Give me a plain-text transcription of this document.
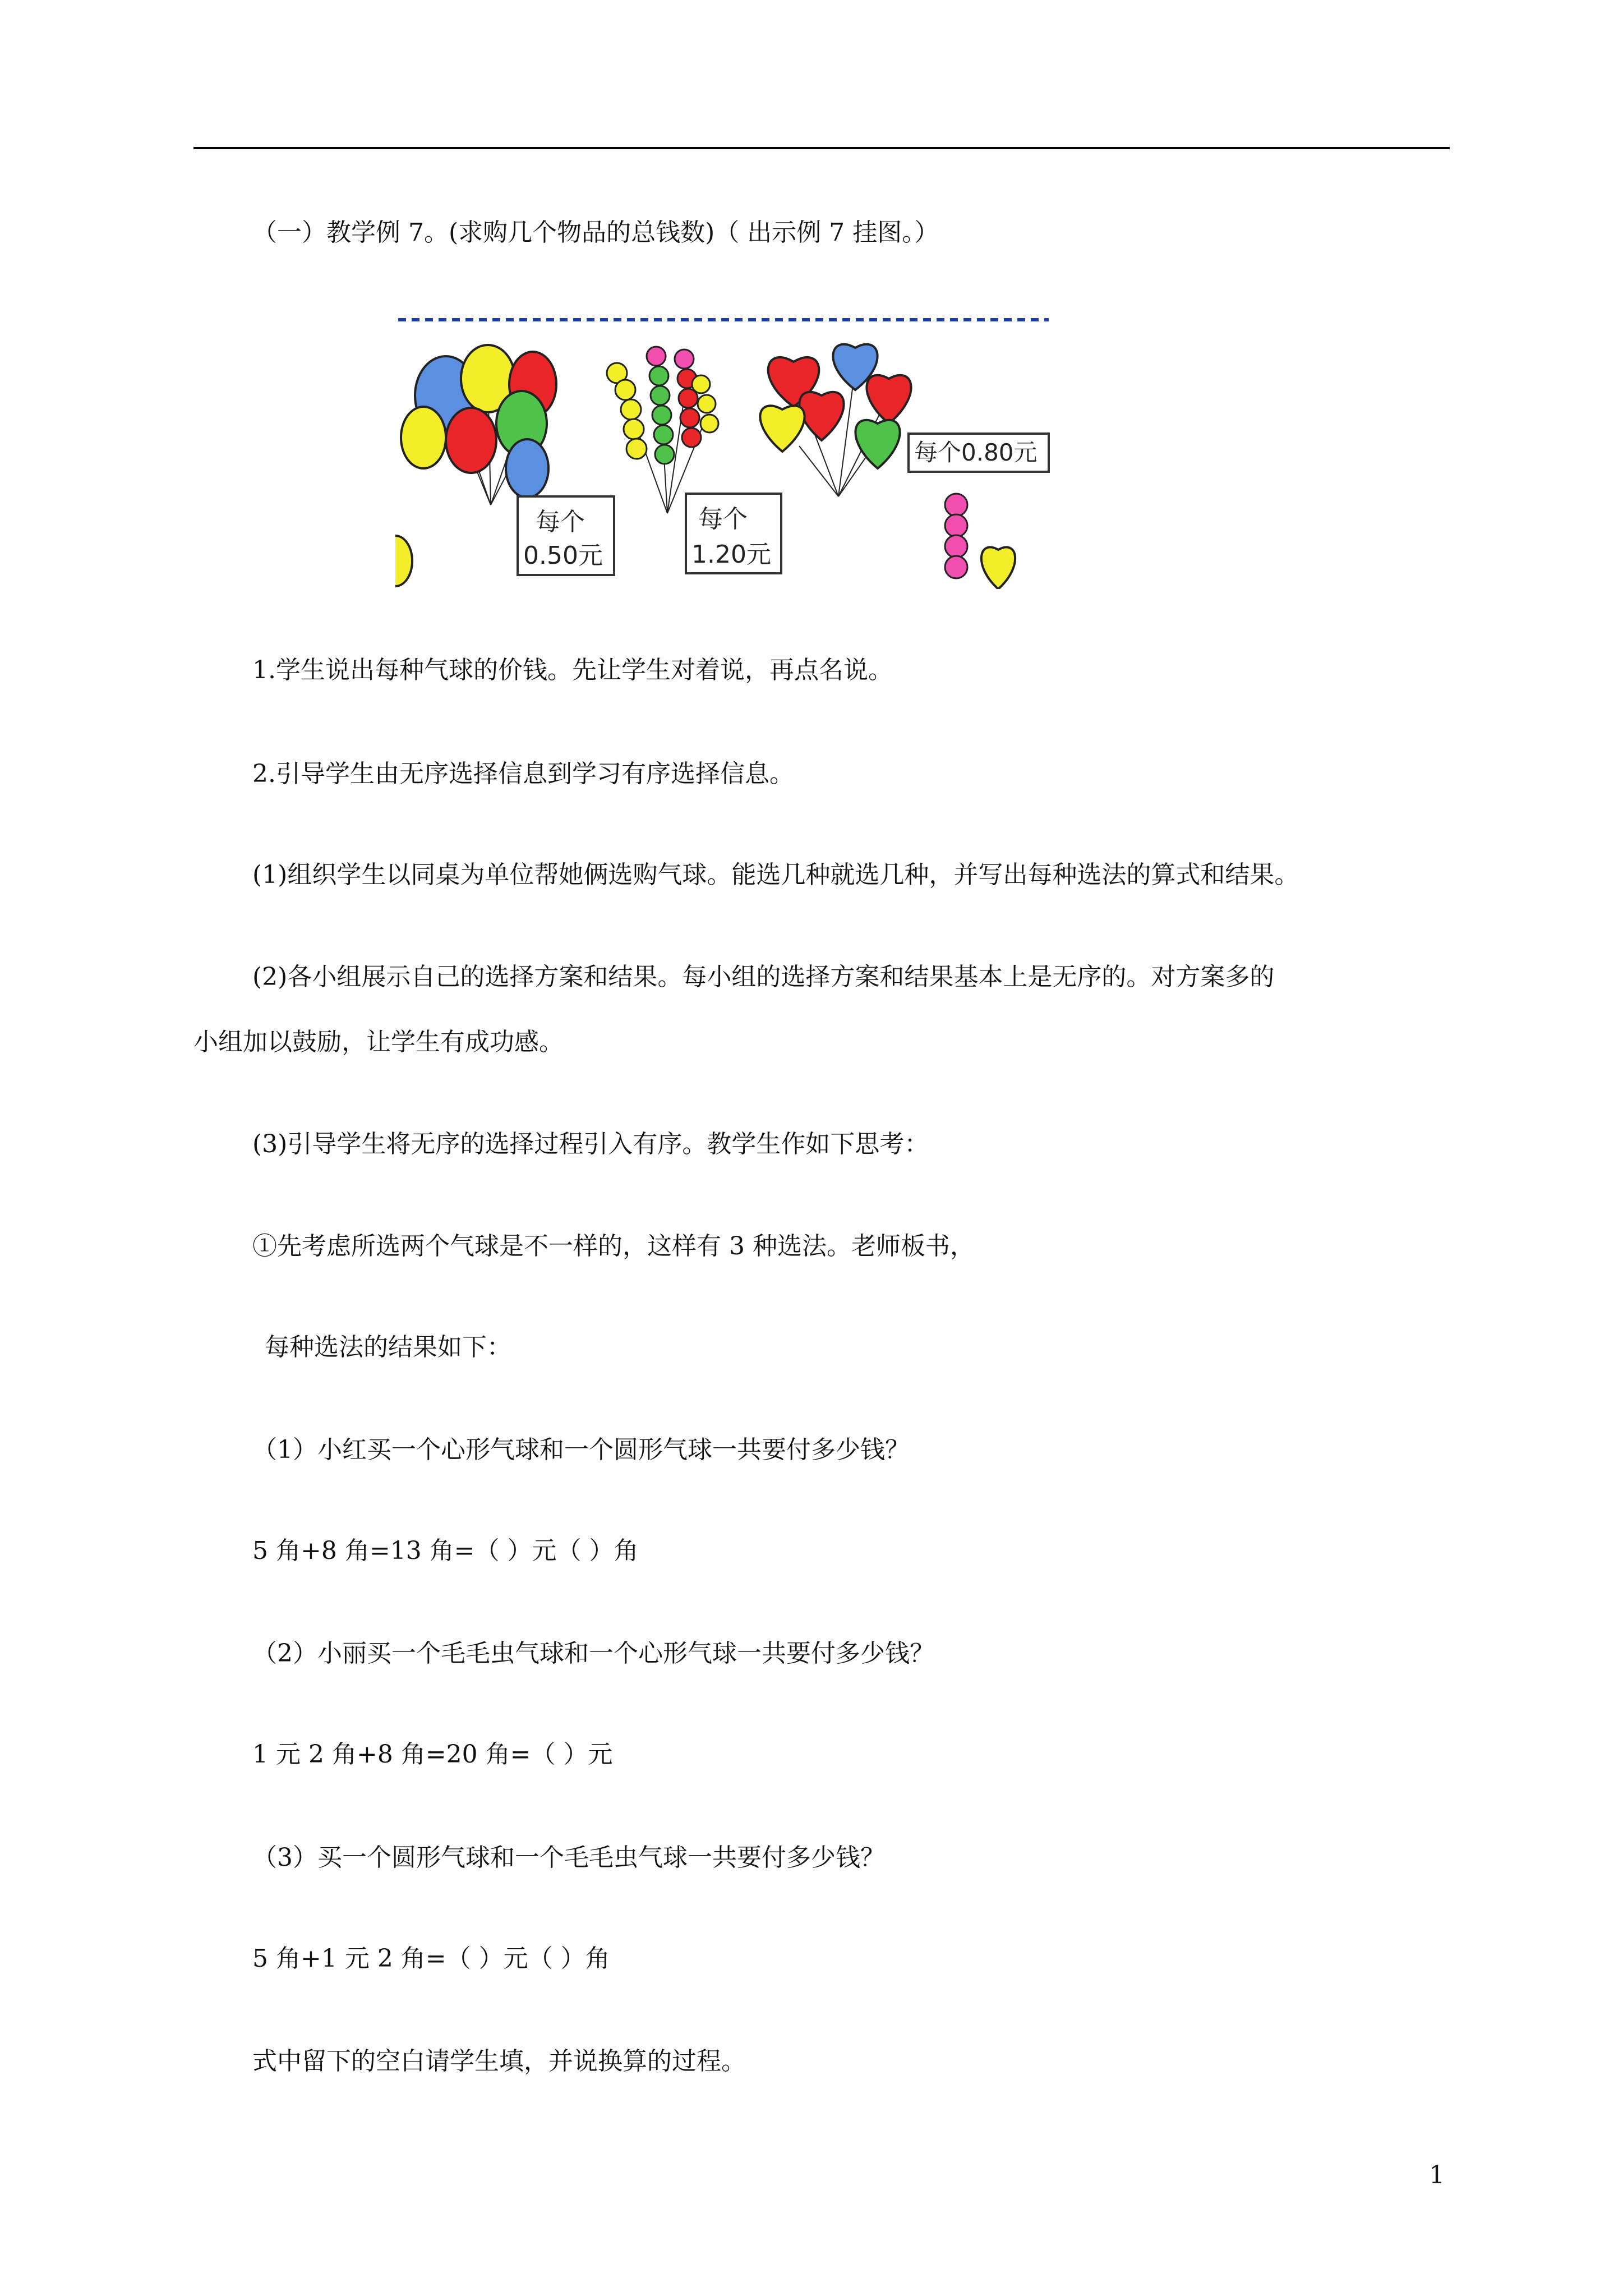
（一）教学例 7。(求购几个物品的总钱数)（ 出示例 7 挂图。）
每个
0.50元
每个
1.20元
每个0.80元
1.学生说出每种气球的价钱。先让学生对着说，再点名说。
2.引导学生由无序选择信息到学习有序选择信息。
(1)组织学生以同桌为单位帮她俩选购气球。能选几种就选几种，并写出每种选法的算式和结果。
(2)各小组展示自己的选择方案和结果。每小组的选择方案和结果基本上是无序的。对方案多的
小组加以鼓励，让学生有成功感。
(3)引导学生将无序的选择过程引入有序。教学生作如下思考：
①先考虑所选两个气球是不一样的，这样有 3 种选法。老师板书，
每种选法的结果如下：
（1）小红买一个心形气球和一个圆形气球一共要付多少钱？
5 角+8 角=13 角=（ ）元（ ）角
（2）小丽买一个毛毛虫气球和一个心形气球一共要付多少钱？
1 元 2 角+8 角=20 角=（ ）元
（3）买一个圆形气球和一个毛毛虫气球一共要付多少钱？
5 角+1 元 2 角=（ ）元（ ）角
式中留下的空白请学生填，并说换算的过程。
1
